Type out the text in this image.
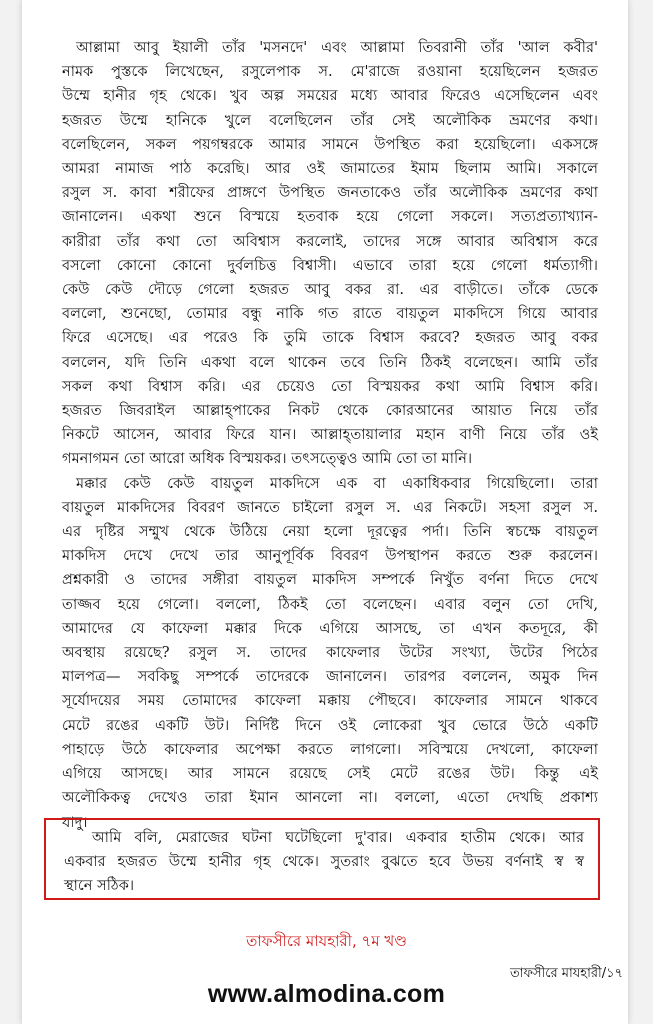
আল্লামা আবু ইয়ালী তাঁর 'মসনদে' এবং আল্লামা তিবরানী তাঁর 'আল কবীর'
নামক পুস্তকে লিখেছেন, রসুলেপাক স. মে'রাজে রওয়ানা হয়েছিলেন হজরত
উম্মে হানীর গৃহ থেকে। খুব অল্প সময়ের মধ্যে আবার ফিরেও এসেছিলেন এবং
হজরত উম্মে হানিকে খুলে বলেছিলেন তাঁর সেই অলৌকিক ভ্রমণের কথা।
বলেছিলেন, সকল পয়গম্বরকে আমার সামনে উপস্থিত করা হয়েছিলো। একসঙ্গে
আমরা নামাজ পাঠ করেছি। আর ওই জামাতের ইমাম ছিলাম আমি। সকালে
রসুল স. কাবা শরীফের প্রাঙ্গণে উপস্থিত জনতাকেও তাঁর অলৌকিক ভ্রমণের কথা
জানালেন। একথা শুনে বিস্ময়ে হতবাক হয়ে গেলো সকলে। সত্যপ্রত্যাখ্যান-
কারীরা তাঁর কথা তো অবিশ্বাস করলোই, তাদের সঙ্গে আবার অবিশ্বাস করে
বসলো কোনো কোনো দুর্বলচিত্ত বিশ্বাসী। এভাবে তারা হয়ে গেলো ধর্মত্যাগী।
কেউ কেউ দৌড়ে গেলো হজরত আবু বকর রা. এর বাড়ীতে। তাঁকে ডেকে
বললো, শুনেছো, তোমার বন্ধু নাকি গত রাতে বায়তুল মাকদিসে গিয়ে আবার
ফিরে এসেছে। এর পরেও কি তুমি তাকে বিশ্বাস করবে? হজরত আবু বকর
বললেন, যদি তিনি একথা বলে থাকেন তবে তিনি ঠিকই বলেছেন। আমি তাঁর
সকল কথা বিশ্বাস করি। এর চেয়েও তো বিস্ময়কর কথা আমি বিশ্বাস করি।
হজরত জিবরাইল আল্লাহ্‌পাকের নিকট থেকে কোরআনের আয়াত নিয়ে তাঁর
নিকটে আসেন, আবার ফিরে যান। আল্লাহ্‌তায়ালার মহান বাণী নিয়ে তাঁর ওই
গমনাগমন তো আরো অধিক বিস্ময়কর। তৎসত্ত্বেও আমি তো তা মানি।

মক্কার কেউ কেউ বায়তুল মাকদিসে এক বা একাধিকবার গিয়েছিলো। তারা
বায়তুল মাকদিসের বিবরণ জানতে চাইলো রসুল স. এর নিকটে। সহসা রসুল স.
এর দৃষ্টির সম্মুখ থেকে উঠিয়ে নেয়া হলো দূরত্বের পর্দা। তিনি স্বচক্ষে বায়তুল
মাকদিস দেখে দেখে তার আনুপূর্বিক বিবরণ উপস্থাপন করতে শুরু করলেন।
প্রশ্নকারী ও তাদের সঙ্গীরা বায়তুল মাকদিস সম্পর্কে নিখুঁত বর্ণনা দিতে দেখে
তাজ্জব হয়ে গেলো। বললো, ঠিকই তো বলেছেন। এবার বলুন তো দেখি,
আমাদের যে কাফেলা মক্কার দিকে এগিয়ে আসছে, তা এখন কতদূরে, কী
অবস্থায় রয়েছে? রসুল স. তাদের কাফেলার উটের সংখ্যা, উটের পিঠের
মালপত্র— সবকিছু সম্পর্কে তাদেরকে জানালেন। তারপর বললেন, অমুক দিন
সূর্যোদয়ের সময় তোমাদের কাফেলা মক্কায় পৌছবে। কাফেলার সামনে থাকবে
মেটে রঙের একটি উট। নির্দিষ্ট দিনে ওই লোকেরা খুব ভোরে উঠে একটি
পাহাড়ে উঠে কাফেলার অপেক্ষা করতে লাগলো। সবিস্ময়ে দেখলো, কাফেলা
এগিয়ে আসছে। আর সামনে রয়েছে সেই মেটে রঙের উট। কিন্তু এই
অলৌকিকত্ব দেখেও তারা ইমান আনলো না। বললো, এতো দেখছি প্রকাশ্য
যাদু।

আমি বলি, মেরাজের ঘটনা ঘটেছিলো দু'বার। একবার হাতীম থেকে। আর
একবার হজরত উম্মে হানীর গৃহ থেকে। সুতরাং বুঝতে হবে উভয় বর্ণনাই স্ব স্ব
স্থানে সঠিক।
তাফসীরে মাযহারী, ৭ম খণ্ড
তাফসীরে মাযহারী/১৭
www.almodina.com
